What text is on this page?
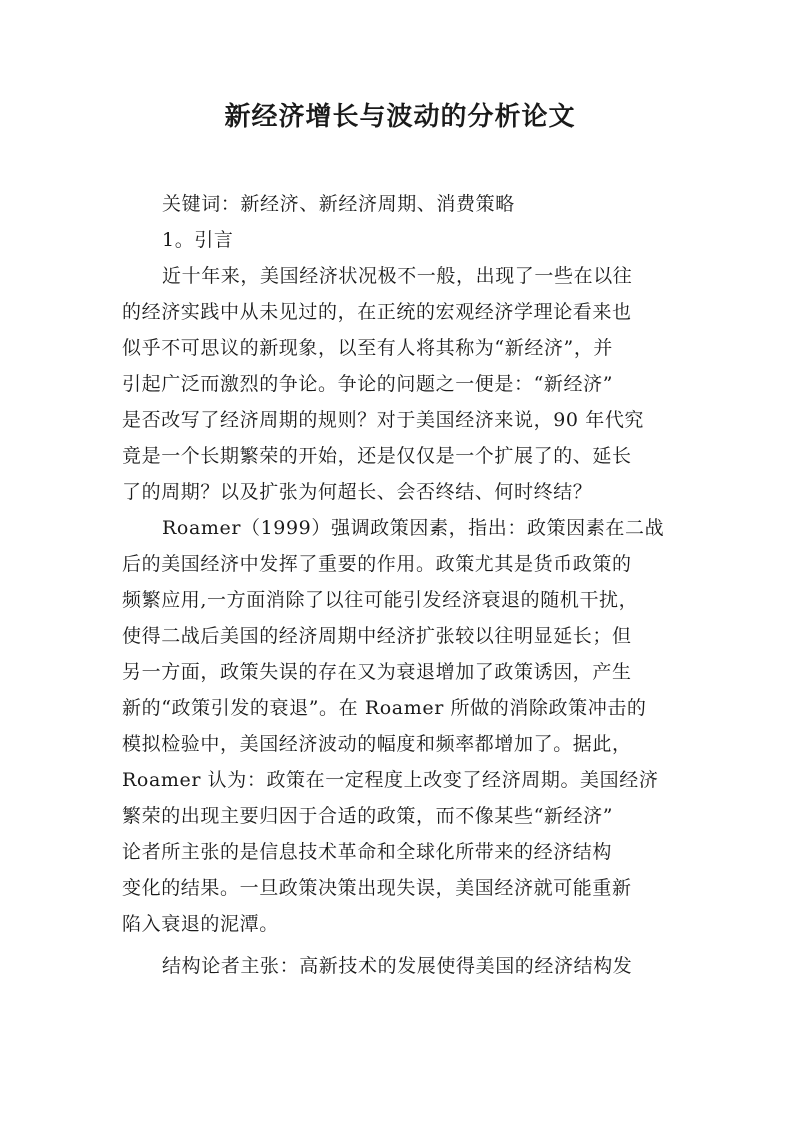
新经济增长与波动的分析论文
关键词：新经济、新经济周期、消费策略
1。引言
近十年来，美国经济状况极不一般，出现了一些在以往
的经济实践中从未见过的，在正统的宏观经济学理论看来也
似乎不可思议的新现象，以至有人将其称为“新经济”，并
引起广泛而激烈的争论。争论的问题之一便是：“新经济”
是否改写了经济周期的规则？对于美国经济来说，90 年代究
竟是一个长期繁荣的开始，还是仅仅是一个扩展了的、延长
了的周期？以及扩张为何超长、会否终结、何时终结？
Roamer（1999）强调政策因素，指出：政策因素在二战
后的美国经济中发挥了重要的作用。政策尤其是货币政策的
频繁应用,一方面消除了以往可能引发经济衰退的随机干扰，
使得二战后美国的经济周期中经济扩张较以往明显延长；但
另一方面，政策失误的存在又为衰退增加了政策诱因，产生
新的“政策引发的衰退”。在 Roamer 所做的消除政策冲击的
模拟检验中，美国经济波动的幅度和频率都增加了。据此，
Roamer 认为：政策在一定程度上改变了经济周期。美国经济
繁荣的出现主要归因于合适的政策，而不像某些“新经济”
论者所主张的是信息技术革命和全球化所带来的经济结构
变化的结果。一旦政策决策出现失误，美国经济就可能重新
陷入衰退的泥潭。
结构论者主张：高新技术的发展使得美国的经济结构发
